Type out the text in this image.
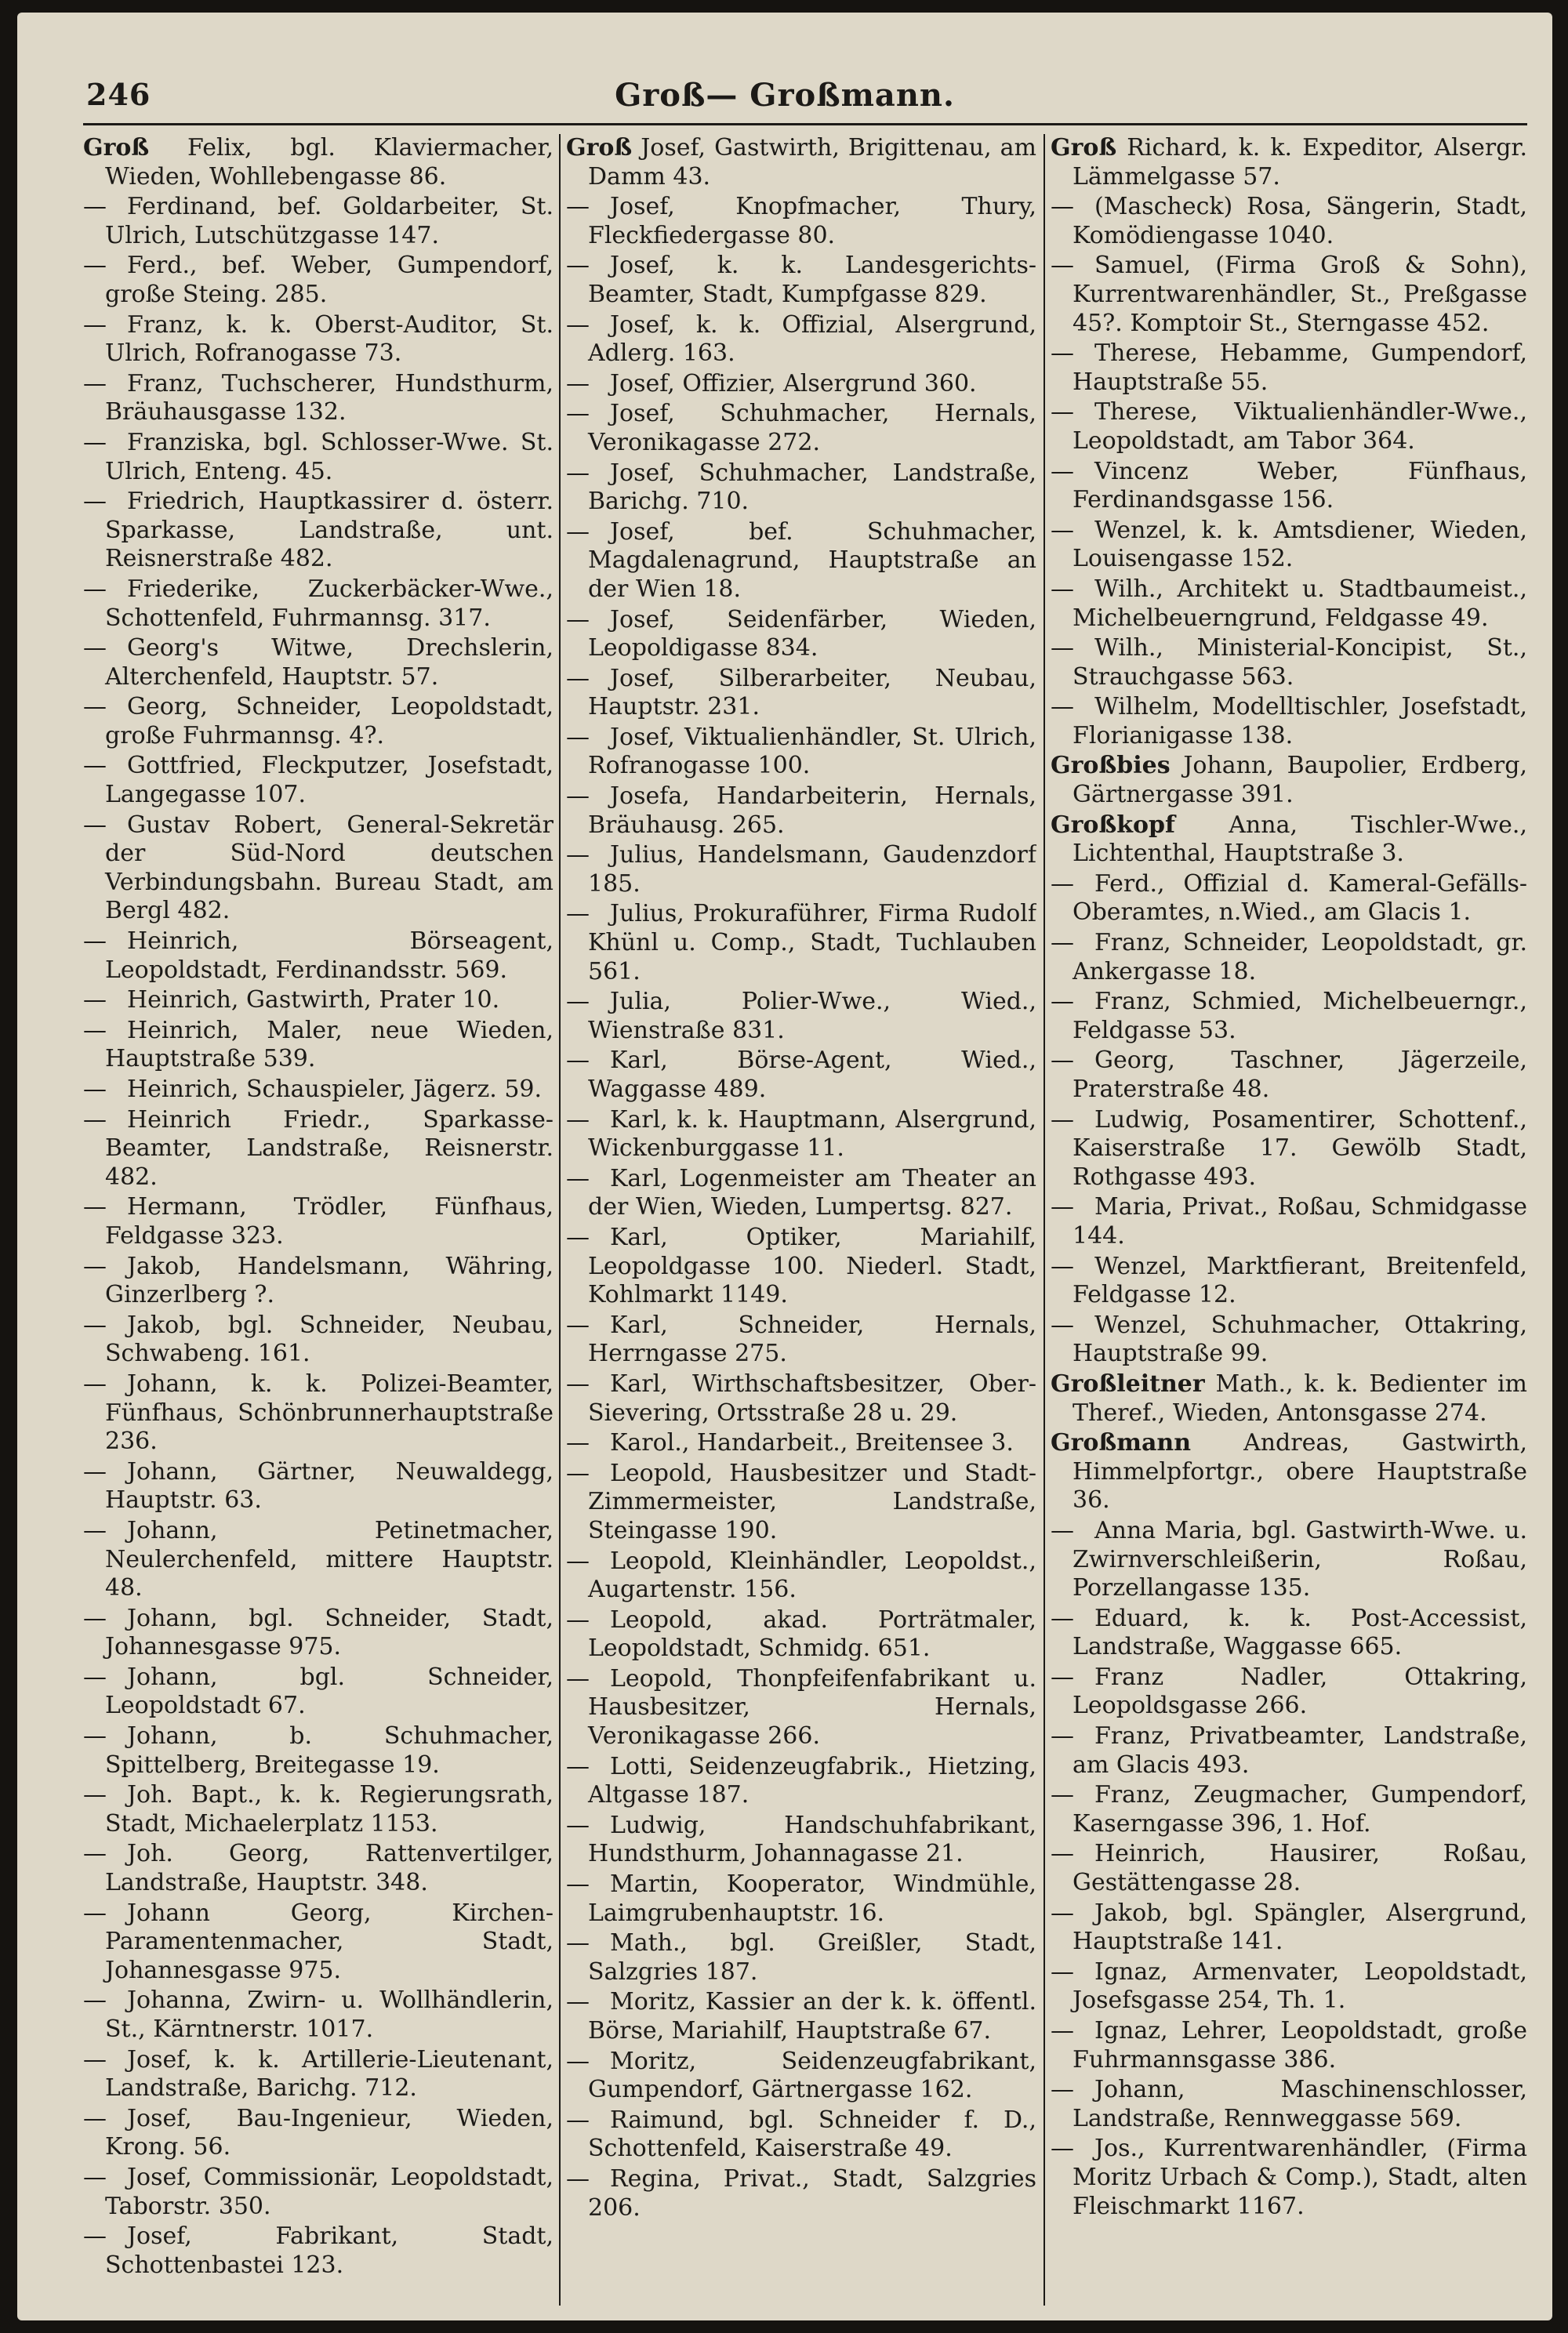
246	Groß— Großmann.

Groß Felix, bgl. Klaviermacher, Wieden, Wohllebengasse 86.

— Ferdinand, bef. Goldarbeiter, St. Ulrich, Lutschützgasse 147.

— Ferd., bef. Weber, Gumpendorf, große Steing. 285.

— Franz, k. k. Oberst-Auditor, St. Ulrich, Rofranogasse 73.

— Franz, Tuchscherer, Hundsthurm, Bräuhausgasse 132.

— Franziska, bgl. Schlosser-Wwe. St. Ulrich, Enteng. 45.

— Friedrich, Hauptkassirer d. österr. Sparkasse, Landstraße, unt. Reisnerstraße 482.

— Friederike, Zuckerbäcker-Wwe., Schottenfeld, Fuhrmannsg. 317.

— Georg's Witwe, Drechslerin, Alterchenfeld, Hauptstr. 57.

— Georg, Schneider, Leopoldstadt, große Fuhrmannsg. 4?.

— Gottfried, Fleckputzer, Josefstadt, Langegasse 107.

— Gustav Robert, General-Sekretär der Süd-Nord deutschen Verbindungsbahn. Bureau Stadt, am Bergl 482.

— Heinrich, Börseagent, Leopoldstadt, Ferdinandsstr. 569.

— Heinrich, Gastwirth, Prater 10.

— Heinrich, Maler, neue Wieden, Hauptstraße 539.

— Heinrich, Schauspieler, Jägerz. 59.

— Heinrich Friedr., Sparkasse-Beamter, Landstraße, Reisnerstr. 482.

— Hermann, Trödler, Fünfhaus, Feldgasse 323.

— Jakob, Handelsmann, Währing, Ginzerlberg ?.

— Jakob, bgl. Schneider, Neubau, Schwabeng. 161.

— Johann, k. k. Polizei-Beamter, Fünfhaus, Schönbrunnerhauptstraße 236.

— Johann, Gärtner, Neuwaldegg, Hauptstr. 63.

— Johann, Petinetmacher, Neulerchenfeld, mittere Hauptstr. 48.

— Johann, bgl. Schneider, Stadt, Johannesgasse 975.

— Johann, bgl. Schneider, Leopoldstadt 67.

— Johann, b. Schuhmacher, Spittelberg, Breitegasse 19.

— Joh. Bapt., k. k. Regierungsrath, Stadt, Michaelerplatz 1153.

— Joh. Georg, Rattenvertilger, Landstraße, Hauptstr. 348.

— Johann Georg, Kirchen-Paramentenmacher, Stadt, Johannesgasse 975.

— Johanna, Zwirn- u. Wollhändlerin, St., Kärntnerstr. 1017.

— Josef, k. k. Artillerie-Lieutenant, Landstraße, Barichg. 712.

— Josef, Bau-Ingenieur, Wieden, Krong. 56.

— Josef, Commissionär, Leopoldstadt, Taborstr. 350.

— Josef, Fabrikant, Stadt, Schottenbastei 123.

Groß Josef, Gastwirth, Brigittenau, am Damm 43.

— Josef, Knopfmacher, Thury, Fleckfiedergasse 80.

— Josef, k. k. Landesgerichts-Beamter, Stadt, Kumpfgasse 829.

— Josef, k. k. Offizial, Alsergrund, Adlerg. 163.

— Josef, Offizier, Alsergrund 360.

— Josef, Schuhmacher, Hernals, Veronikagasse 272.

— Josef, Schuhmacher, Landstraße, Barichg. 710.

— Josef, bef. Schuhmacher, Magdalenagrund, Hauptstraße an der Wien 18.

— Josef, Seidenfärber, Wieden, Leopoldigasse 834.

— Josef, Silberarbeiter, Neubau, Hauptstr. 231.

— Josef, Viktualienhändler, St. Ulrich, Rofranogasse 100.

— Josefa, Handarbeiterin, Hernals, Bräuhausg. 265.

— Julius, Handelsmann, Gaudenzdorf 185.

— Julius, Prokuraführer, Firma Rudolf Khünl u. Comp., Stadt, Tuchlauben 561.

— Julia, Polier-Wwe., Wied., Wienstraße 831.

— Karl, Börse-Agent, Wied., Waggasse 489.

— Karl, k. k. Hauptmann, Alsergrund, Wickenburggasse 11.

— Karl, Logenmeister am Theater an der Wien, Wieden, Lumpertsg. 827.

— Karl, Optiker, Mariahilf, Leopoldgasse 100. Niederl. Stadt, Kohlmarkt 1149.

— Karl, Schneider, Hernals, Herrngasse 275.

— Karl, Wirthschaftsbesitzer, Ober-Sievering, Ortsstraße 28 u. 29.

— Karol., Handarbeit., Breitensee 3.

— Leopold, Hausbesitzer und Stadt-Zimmermeister, Landstraße, Steingasse 190.

— Leopold, Kleinhändler, Leopoldst., Augartenstr. 156.

— Leopold, akad. Porträtmaler, Leopoldstadt, Schmidg. 651.

— Leopold, Thonpfeifenfabrikant u. Hausbesitzer, Hernals, Veronikagasse 266.

— Lotti, Seidenzeugfabrik., Hietzing, Altgasse 187.

— Ludwig, Handschuhfabrikant, Hundsthurm, Johannagasse 21.

— Martin, Kooperator, Windmühle, Laimgrubenhauptstr. 16.

— Math., bgl. Greißler, Stadt, Salzgries 187.

— Moritz, Kassier an der k. k. öffentl. Börse, Mariahilf, Hauptstraße 67.

— Moritz, Seidenzeugfabrikant, Gumpendorf, Gärtnergasse 162.

— Raimund, bgl. Schneider f. D., Schottenfeld, Kaiserstraße 49.

— Regina, Privat., Stadt, Salzgries 206.

Groß Richard, k. k. Expeditor, Alsergr. Lämmelgasse 57.

— (Mascheck) Rosa, Sängerin, Stadt, Komödiengasse 1040.

— Samuel, (Firma Groß & Sohn), Kurrentwarenhändler, St., Preßgasse 45?. Komptoir St., Sterngasse 452.

— Therese, Hebamme, Gumpendorf, Hauptstraße 55.

— Therese, Viktualienhändler-Wwe., Leopoldstadt, am Tabor 364.

— Vincenz Weber, Fünfhaus, Ferdinandsgasse 156.

— Wenzel, k. k. Amtsdiener, Wieden, Louisengasse 152.

— Wilh., Architekt u. Stadtbaumeist., Michelbeuerngrund, Feldgasse 49.

— Wilh., Ministerial-Koncipist, St., Strauchgasse 563.

— Wilhelm, Modelltischler, Josefstadt, Florianigasse 138.

Großbies Johann, Baupolier, Erdberg, Gärtnergasse 391.

Großkopf Anna, Tischler-Wwe., Lichtenthal, Hauptstraße 3.

— Ferd., Offizial d. Kameral-Gefälls-Oberamtes, n.Wied., am Glacis 1.

— Franz, Schneider, Leopoldstadt, gr. Ankergasse 18.

— Franz, Schmied, Michelbeuerngr., Feldgasse 53.

— Georg, Taschner, Jägerzeile, Praterstraße 48.

— Ludwig, Posamentirer, Schottenf., Kaiserstraße 17. Gewölb Stadt, Rothgasse 493.

— Maria, Privat., Roßau, Schmidgasse 144.

— Wenzel, Marktfierant, Breitenfeld, Feldgasse 12.

— Wenzel, Schuhmacher, Ottakring, Hauptstraße 99.

Großleitner Math., k. k. Bedienter im Theref., Wieden, Antonsgasse 274.

Großmann Andreas, Gastwirth, Himmelpfortgr., obere Hauptstraße 36.

— Anna Maria, bgl. Gastwirth-Wwe. u. Zwirnverschleißerin, Roßau, Porzellangasse 135.

— Eduard, k. k. Post-Accessist, Landstraße, Waggasse 665.

— Franz Nadler, Ottakring, Leopoldsgasse 266.

— Franz, Privatbeamter, Landstraße, am Glacis 493.

— Franz, Zeugmacher, Gumpendorf, Kaserngasse 396, 1. Hof.

— Heinrich, Hausirer, Roßau, Gestättengasse 28.

— Jakob, bgl. Spängler, Alsergrund, Hauptstraße 141.

— Ignaz, Armenvater, Leopoldstadt, Josefsgasse 254, Th. 1.

— Ignaz, Lehrer, Leopoldstadt, große Fuhrmannsgasse 386.

— Johann, Maschinenschlosser, Landstraße, Rennweggasse 569.

— Jos., Kurrentwarenhändler, (Firma Moritz Urbach & Comp.), Stadt, alten Fleischmarkt 1167.
